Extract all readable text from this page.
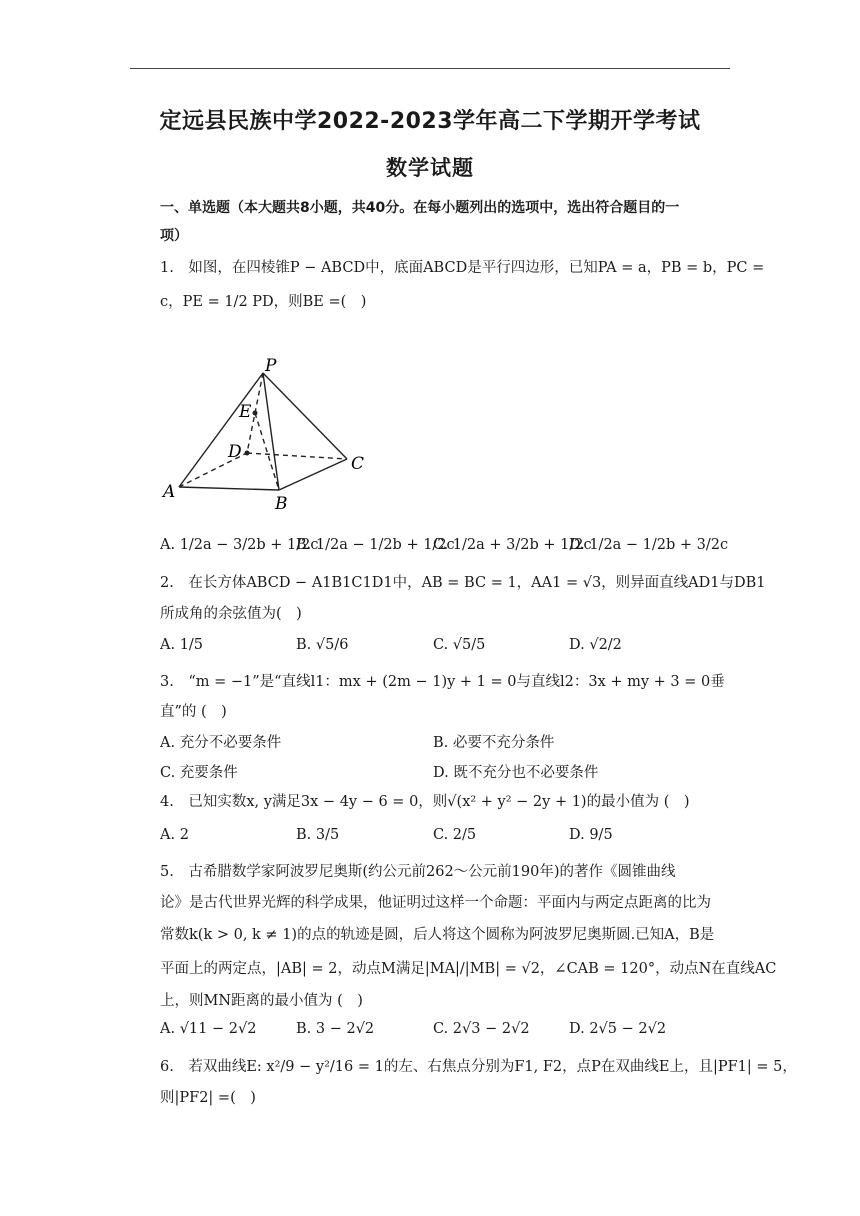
定远县民族中学2022-2023学年高二下学期开学考试
数学试题
一、单选题（本大题共8小题，共40分。在每小题列出的选项中，选出符合题目的一
项）
1.　如图，在四棱锥P − ABCD中，底面ABCD是平行四边形，已知PA = a，PB = b，PC =
c，PE = 1/2 PD，则BE =(　)
P
E
D
C
A
B
A. 1/2a − 3/2b + 1/2c
B. 1/2a − 1/2b + 1/2c
C. 1/2a + 3/2b + 1/2c
D. 1/2a − 1/2b + 3/2c
2.　在长方体ABCD − A1B1C1D1中，AB = BC = 1，AA1 = √3，则异面直线AD1与DB1
所成角的余弦值为(　)
A. 1/5	B. √5/6	C. √5/5	D. √2/2
3.　“m = −1”是“直线l1：mx + (2m − 1)y + 1 = 0与直线l2：3x + my + 3 = 0垂
直”的 (　)
A. 充分不必要条件	B. 必要不充分条件
C. 充要条件	D. 既不充分也不必要条件
4.　已知实数x, y满足3x − 4y − 6 = 0，则√(x² + y² − 2y + 1)的最小值为 (　)
A. 2	B. 3/5	C. 2/5	D. 9/5
5.　古希腊数学家阿波罗尼奥斯(约公元前262～公元前190年)的著作《圆锥曲线
论》是古代世界光辉的科学成果，他证明过这样一个命题：平面内与两定点距离的比为
常数k(k > 0, k ≠ 1)的点的轨迹是圆，后人将这个圆称为阿波罗尼奥斯圆.已知A，B是
平面上的两定点，|AB| = 2，动点M满足|MA|/|MB| = √2，∠CAB = 120°，动点N在直线AC
上，则MN距离的最小值为 (　)
A. √11 − 2√2	B. 3 − 2√2	C. 2√3 − 2√2	D. 2√5 − 2√2
6.　若双曲线E: x²/9 − y²/16 = 1的左、右焦点分别为F1, F2，点P在双曲线E上，且|PF1| = 5，
则|PF2| =(　)
